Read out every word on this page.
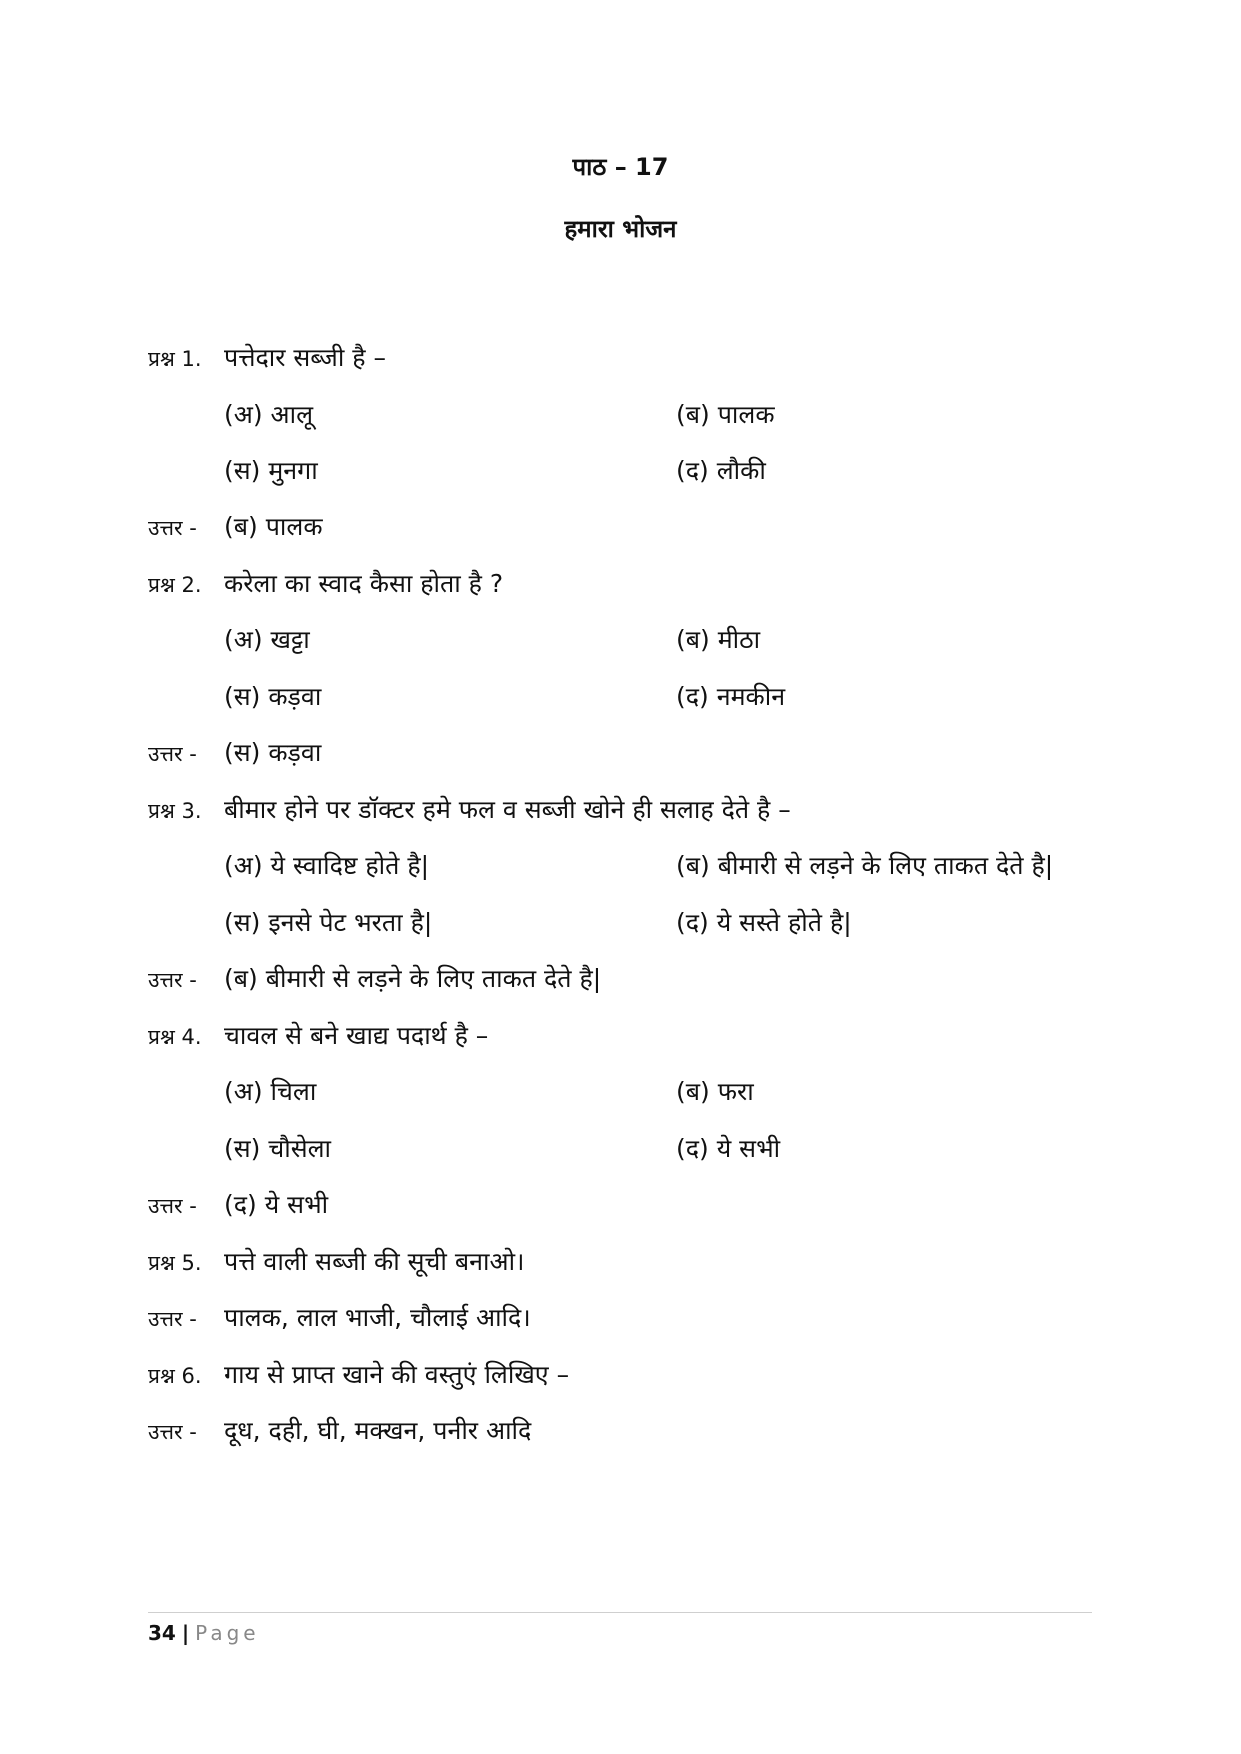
पाठ – 17
हमारा भोजन
प्रश्न 1. पत्तेदार सब्जी है –
(अ) आलू	(ब) पालक
(स) मुनगा	(द) लौकी
उत्तर - (ब) पालक
प्रश्न 2. करेला का स्वाद कैसा होता है ?
(अ) खट्टा	(ब) मीठा
(स) कड़वा	(द) नमकीन
उत्तर - (स) कड़वा
प्रश्न 3. बीमार होने पर डॉक्टर हमे फल व सब्जी खोने ही सलाह देते है –
(अ) ये स्वादिष्ट होते है|	(ब) बीमारी से लड़ने के लिए ताकत देते है|
(स) इनसे पेट भरता है|	(द) ये सस्ते होते है|
उत्तर - (ब) बीमारी से लड़ने के लिए ताकत देते है|
प्रश्न 4. चावल से बने खाद्य पदार्थ है –
(अ) चिला	(ब) फरा
(स) चौसेला	(द) ये सभी
उत्तर - (द) ये सभी
प्रश्न 5. पत्ते वाली सब्जी की सूची बनाओ।
उत्तर - पालक, लाल भाजी, चौलाई आदि।
प्रश्न 6. गाय से प्राप्त खाने की वस्तुएं लिखिए –
उत्तर - दूध, दही, घी, मक्खन, पनीर आदि
34 | Page
